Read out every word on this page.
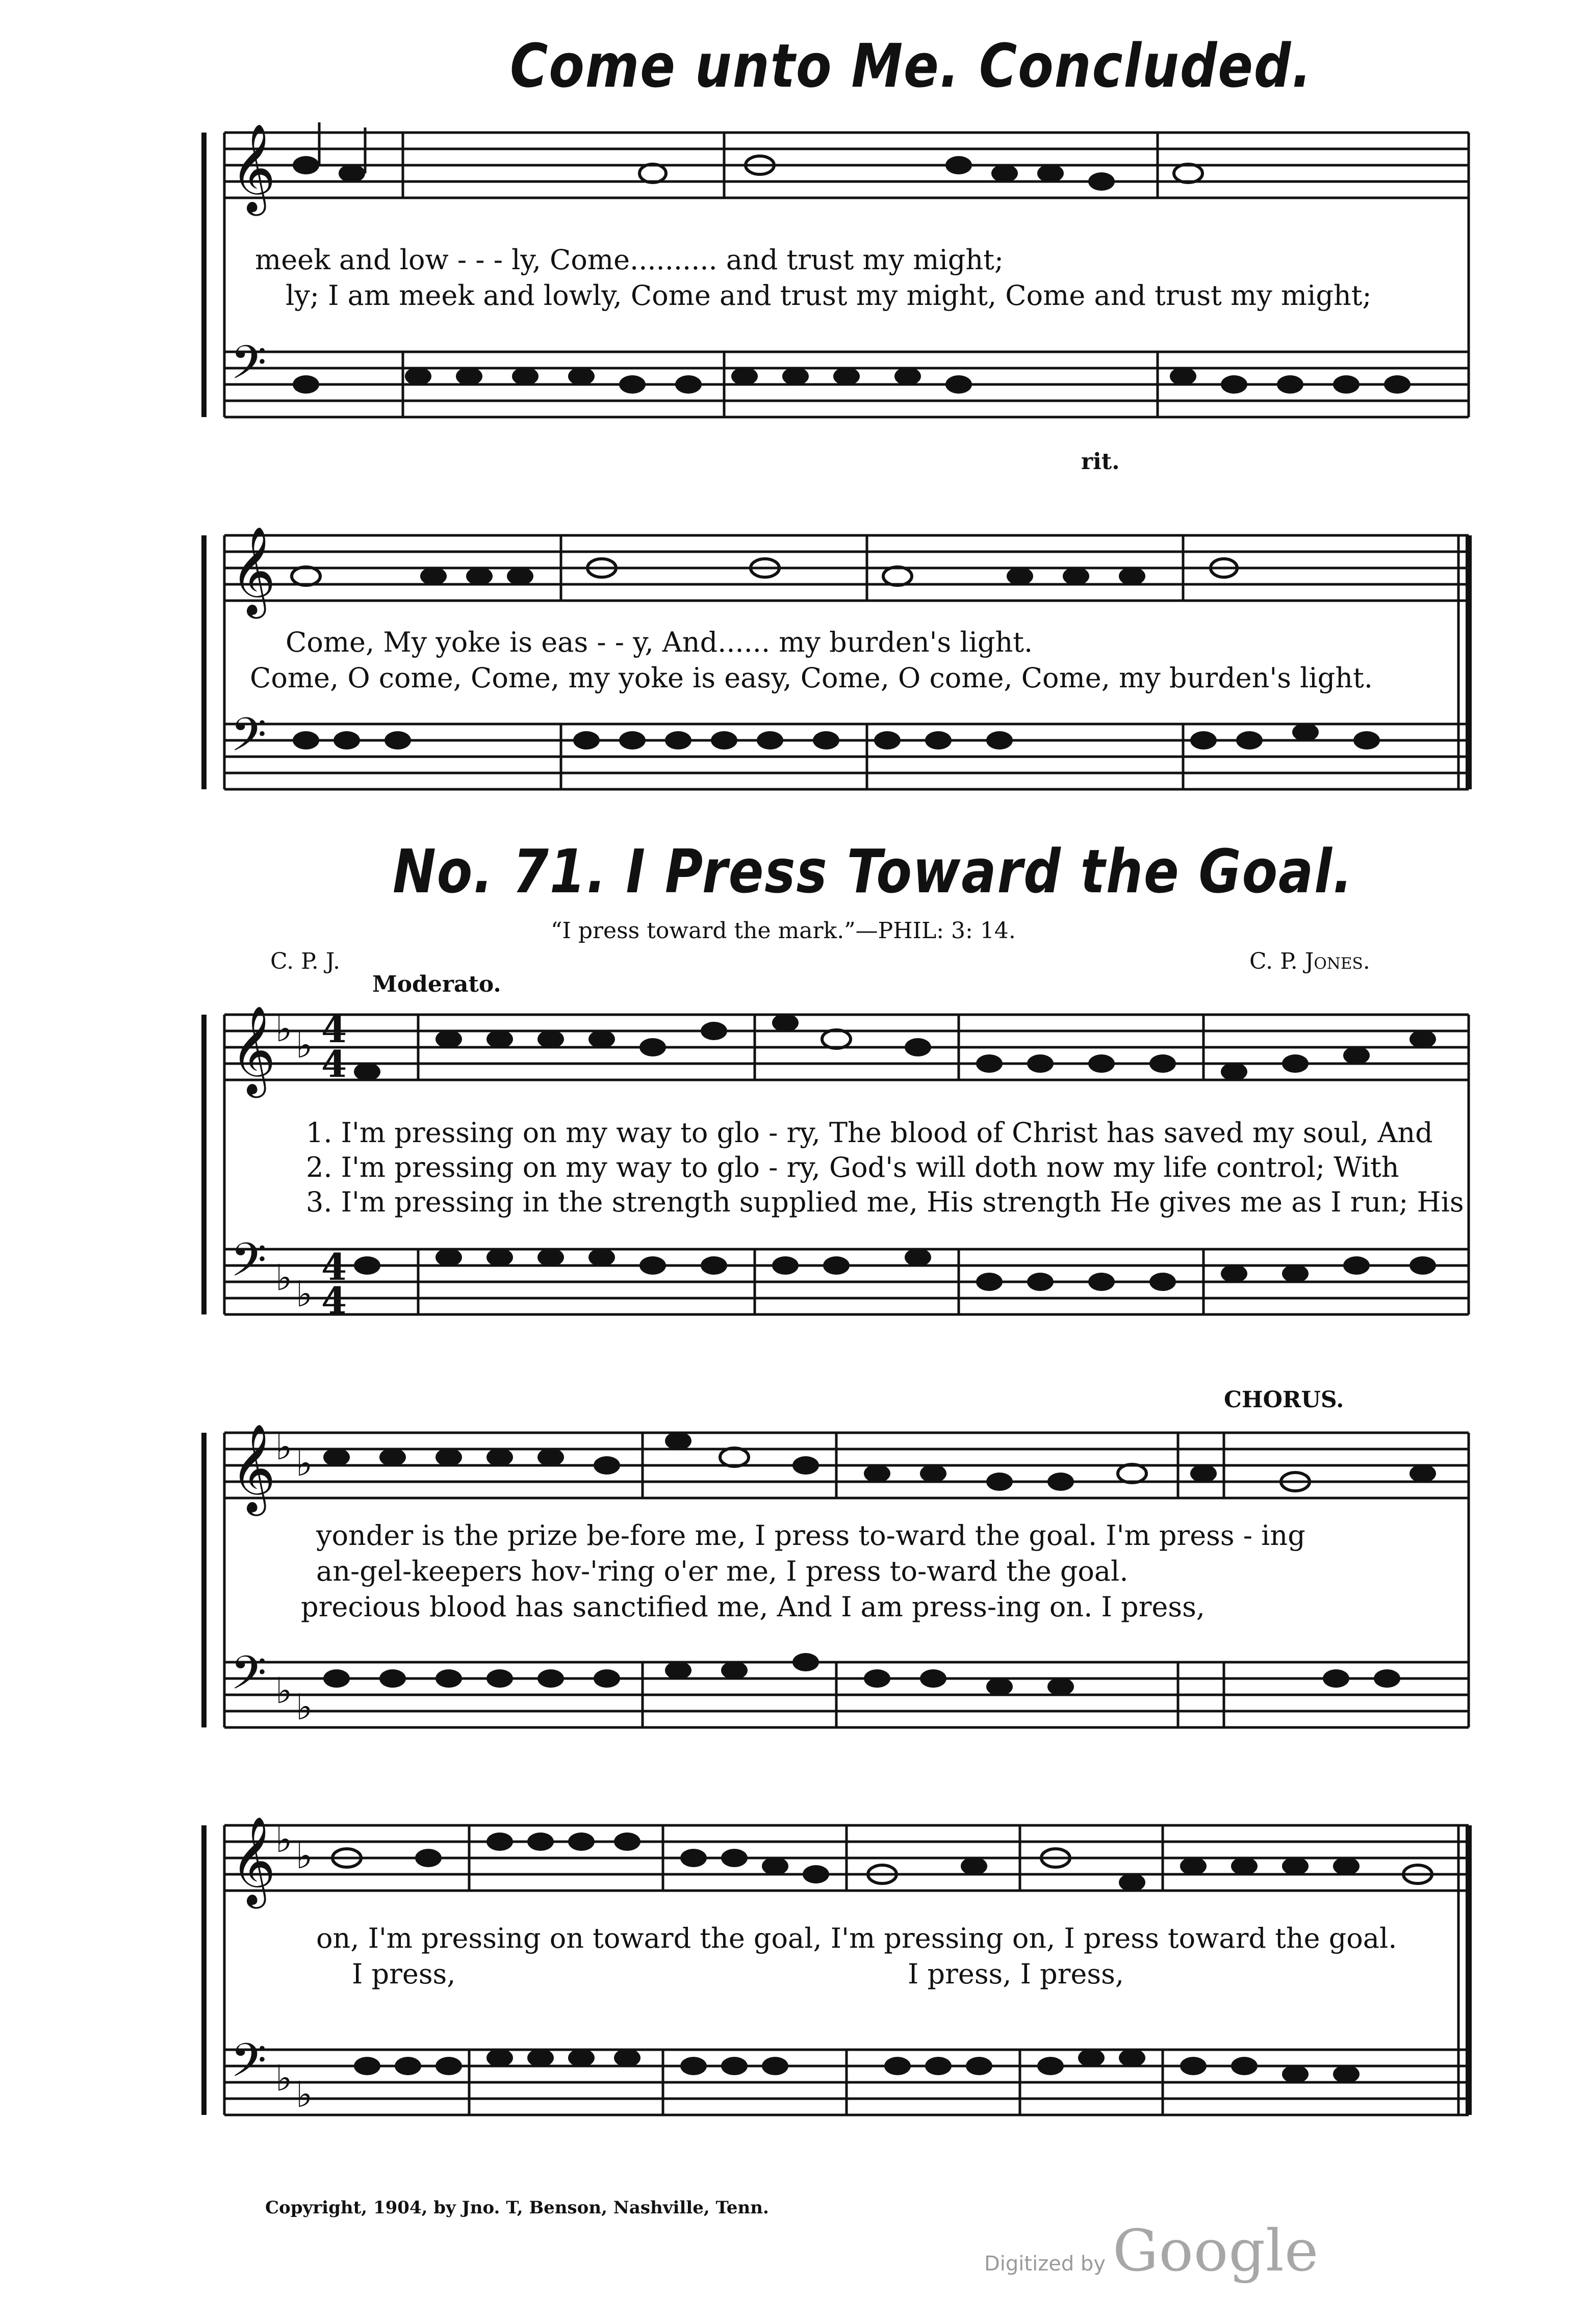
Come unto Me. Concluded.
𝄞
𝄢
meek and low - - - ly, Come.......... and trust my might;
ly; I am meek and lowly, Come and trust my might, Come and trust my might;
𝄞
𝄢
rit.
Come, My yoke is eas - - y, And...... my burden's light.
Come, O come, Come, my yoke is easy, Come, O come, Come, my burden's light.
No. 71. I Press Toward the Goal.
“I press toward the mark.”—PHIL: 3: 14.
C. P. J.	C. P. Jones.
Moderato.
𝄞 ♭ ♭
𝄢 ♭ ♭
4
4
4
4
1. I'm pressing on my way to glo - ry, The blood of Christ has saved my soul, And
2. I'm pressing on my way to glo - ry, God's will doth now my life control; With
3. I'm pressing in the strength supplied me, His strength He gives me as I run; His
CHORUS.
𝄞 ♭ ♭
𝄢 ♭ ♭
yonder is the prize be-fore me, I press to-ward the goal. I'm press - ing
an-gel-keepers hov-'ring o'er me, I press to-ward the goal.
precious blood has sanctified me, And I am press-ing on. I press,
𝄞 ♭ ♭
𝄢 ♭ ♭
on, I'm pressing on toward the goal, I'm pressing on, I press toward the goal.
I press,	I press, I press,
Copyright, 1904, by Jno. T, Benson, Nashville, Tenn.
Digitized by Google
